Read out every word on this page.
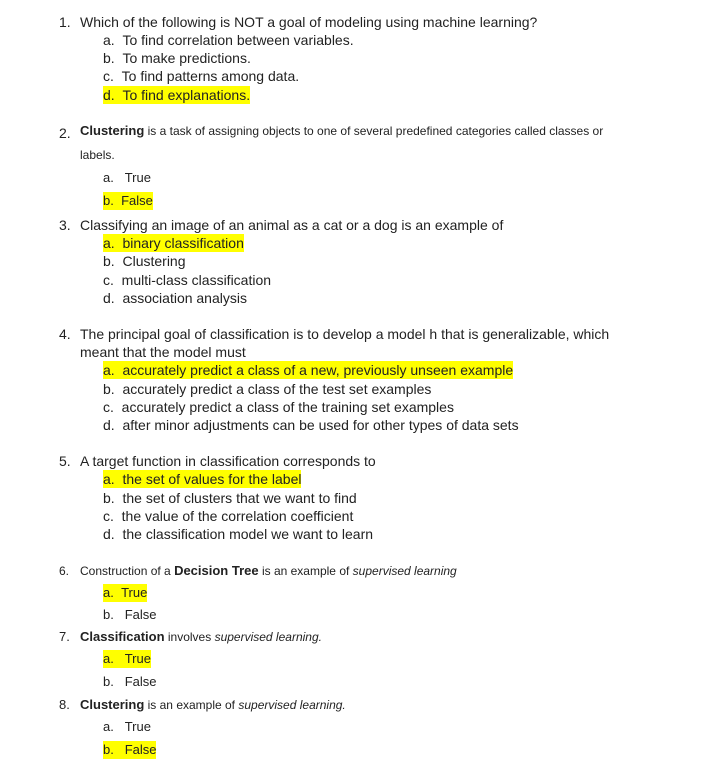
1. Which of the following is NOT a goal of modeling using machine learning?
a. To find correlation between variables.
b. To make predictions.
c. To find patterns among data.
d. To find explanations.
2. Clustering is a task of assigning objects to one of several predefined categories called classes or labels.
a. True
b. False
3. Classifying an image of an animal as a cat or a dog is an example of
a. binary classification
b. Clustering
c. multi-class classification
d. association analysis
4. The principal goal of classification is to develop a model h that is generalizable, which meant that the model must
a. accurately predict a class of a new, previously unseen example
b. accurately predict a class of the test set examples
c. accurately predict a class of the training set examples
d. after minor adjustments can be used for other types of data sets
5. A target function in classification corresponds to
a. the set of values for the label
b. the set of clusters that we want to find
c. the value of the correlation coefficient
d. the classification model we want to learn
6. Construction of a Decision Tree is an example of supervised learning
a. True
b. False
7. Classification involves supervised learning.
a. True
b. False
8. Clustering is an example of supervised learning.
a. True
b. False
